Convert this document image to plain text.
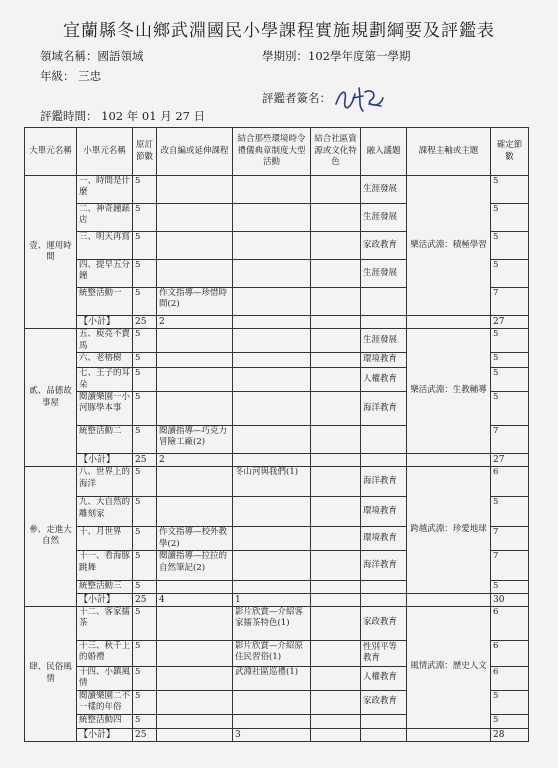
宜蘭縣冬山鄉武淵國民小學課程實施規劃綱要及評鑑表
領域名稱：國語領域	學期別：102學年度第一學期
年級： 三忠
評鑑者簽名：
評鑑時間： 102 年 01 月 27 日
大單元名稱	小單元名稱	原訂節數	改自編或延伸課程	結合那些環境時令禮儀典章制度大型活動	結合社區資源或文化特色	融入議題	課程主軸或主題	確定節數
壹、運用時間	一、時間是什麼	5				生涯發展	樂活武淵：積極學習	5
	二、神奇鐘錶店	5				生涯發展		5
	三、明天再寫	5				家政教育		5
	四、提早五分鐘	5				生涯發展		5
	統整活動一	5	作文指導—珍惜時間(2)					7
	【小計】	25	2					27
貳、品德故事屋	五、庾亮不賣馬	5				生涯發展	樂活武淵：生教輔導	5
	六、老榕樹	5				環境教育		5
	七、王子的耳朵	5				人權教育		5
	閱讀樂園一小河豚學本事	5				海洋教育		5
	統整活動二	5	閱讀指導—巧克力冒險工廠(2)					7
	【小計】	25	2					27
參、走進大自然	八、世界上的海洋	5		冬山河與我們(1)		海洋教育	跨越武淵：珍愛地球	6
	九、大自然的雕刻家	5				環境教育		5
	十、月世界	5	作文指導—校外教學(2)			環境教育		7
	十一、看海豚跳舞	5	閱讀指導—拉拉的自然筆記(2)			海洋教育		7
	統整活動三	5						5
	【小計】	25	4	1				30
肆、民俗風情	十二、客家擂茶	5		影片欣賞—介紹客家擂茶特色(1)		家政教育	風情武淵：歷史人文	6
	十三、秋千上的婚禮	5		影片欣賞—介紹原住民習俗(1)		性別平等教育		6
	十四、小鎮風情	5		武淵社區巡禮(1)		人權教育		6
	閱讀樂園二不一樣的年俗	5				家政教育		5
	統整活動四	5						5
	【小計】	25		3				28
